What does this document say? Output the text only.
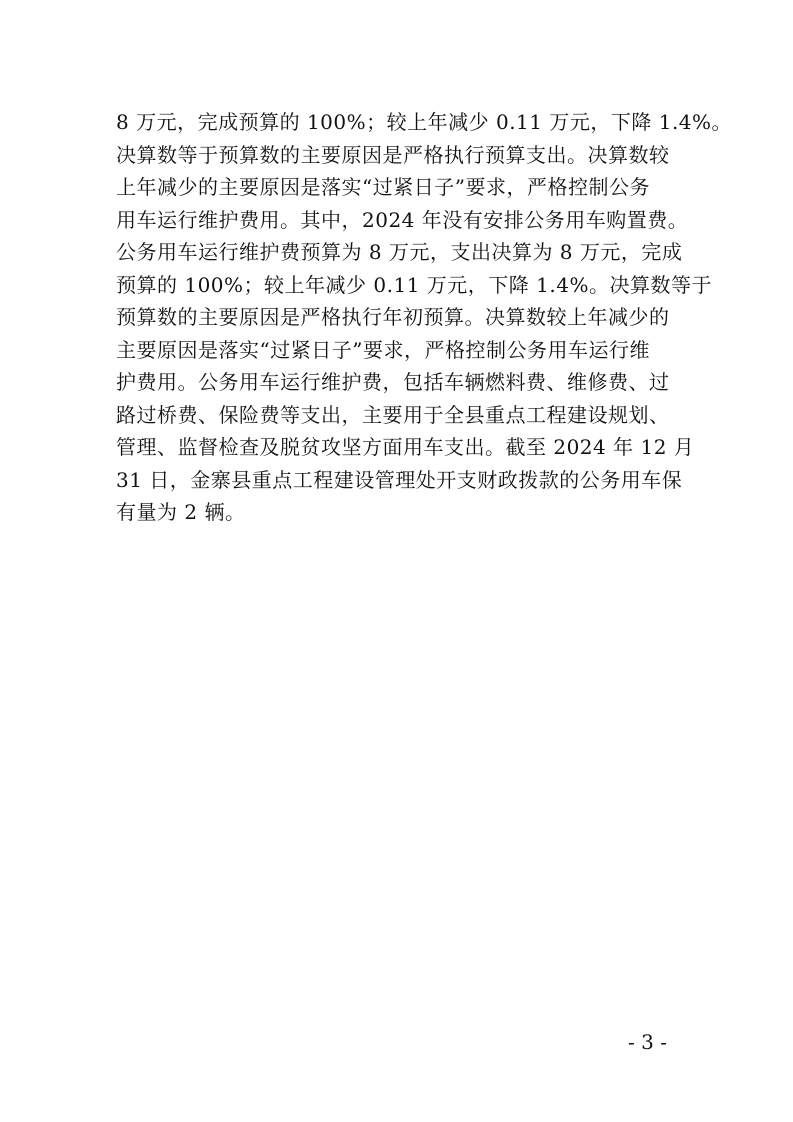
8 万元，完成预算的 100%；较上年减少 0.11 万元，下降 1.4%。
决算数等于预算数的主要原因是严格执行预算支出。决算数较
上年减少的主要原因是落实“过紧日子”要求，严格控制公务
用车运行维护费用。其中，2024 年没有安排公务用车购置费。
公务用车运行维护费预算为 8 万元，支出决算为 8 万元，完成
预算的 100%；较上年减少 0.11 万元，下降 1.4%。决算数等于
预算数的主要原因是严格执行年初预算。决算数较上年减少的
主要原因是落实“过紧日子”要求，严格控制公务用车运行维
护费用。公务用车运行维护费，包括车辆燃料费、维修费、过
路过桥费、保险费等支出，主要用于全县重点工程建设规划、
管理、监督检查及脱贫攻坚方面用车支出。截至 2024 年 12 月
31 日，金寨县重点工程建设管理处开支财政拨款的公务用车保
有量为 2 辆。
- 3 -
